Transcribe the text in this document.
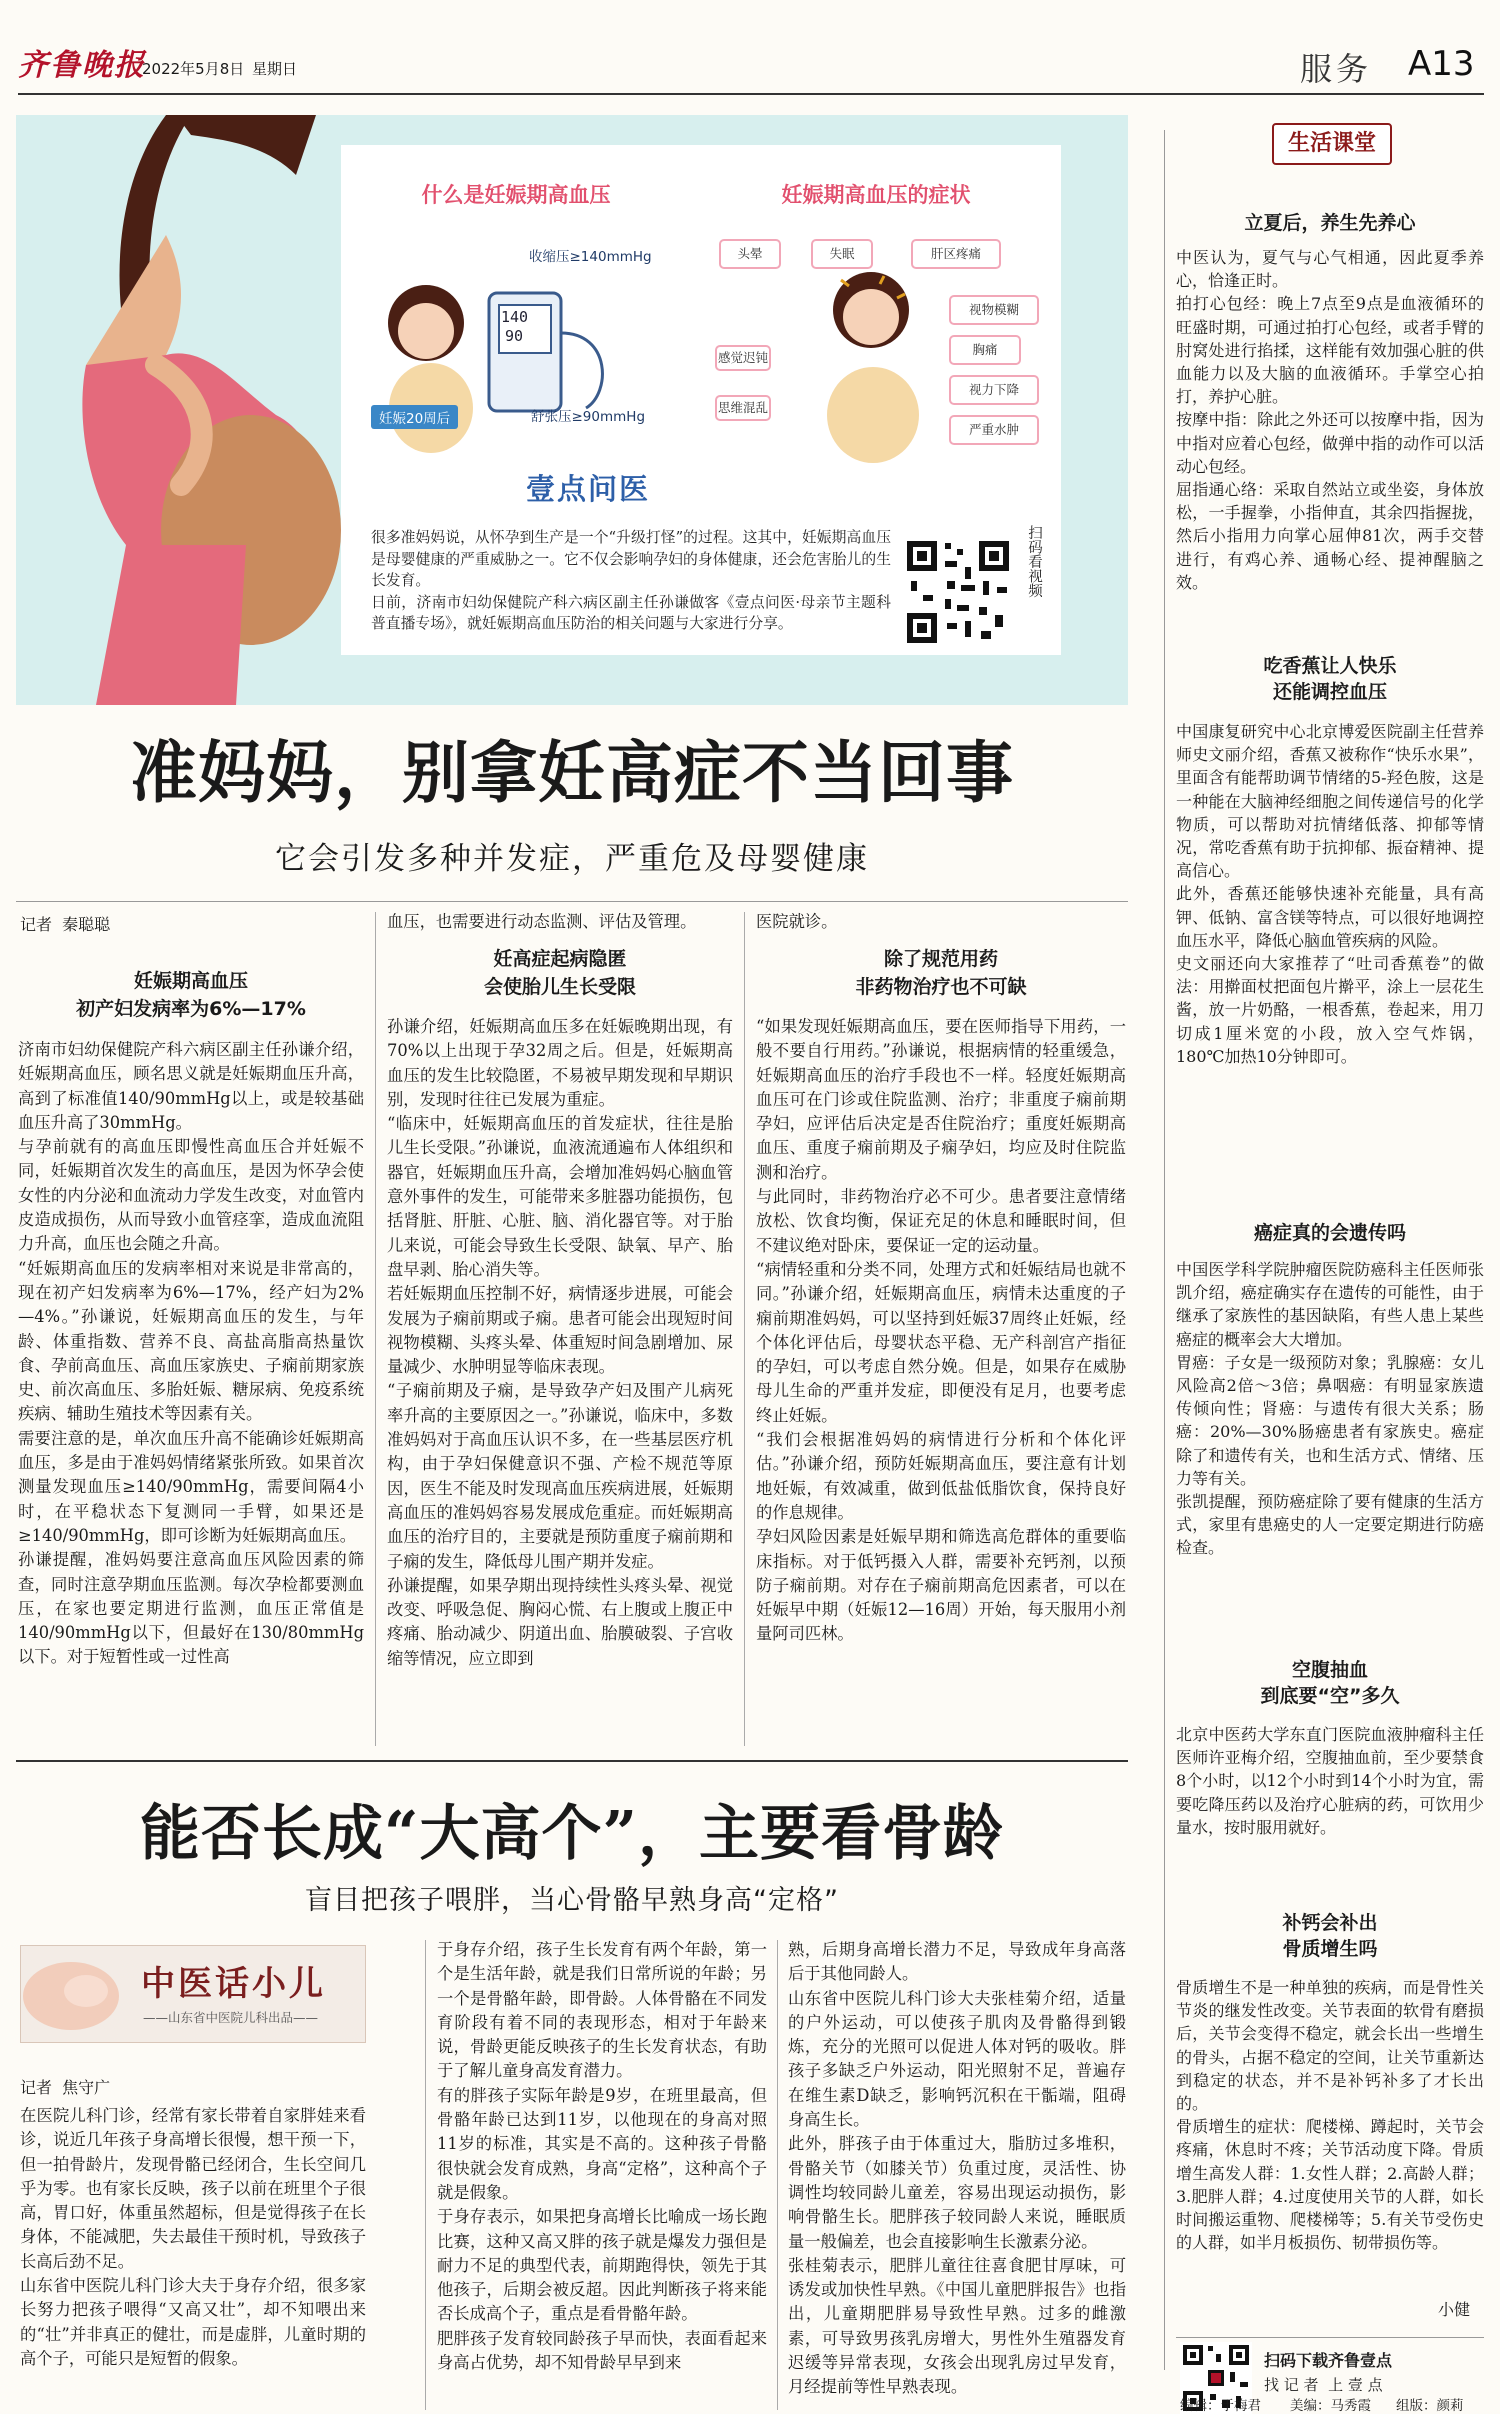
齐鲁晚报
2022年5月8日 星期日	服务 A13
什么是妊娠期高血压	妊娠期高血压的症状
140
90
收缩压≥140mmHg
舒张压≥90mmHg
妊娠20周后
头晕	失眠	肝区疼痛
视物模糊
胸痛
感觉迟钝
视力下降
思维混乱
严重水肿
壹点问医
很多准妈妈说，从怀孕到生产是一个“升级打怪”的过程。这其中，妊娠期高血压是母婴健康的严重威胁之一。它不仅会影响孕妇的身体健康，还会危害胎儿的生长发育。
日前，济南市妇幼保健院产科六病区副主任孙谦做客《壹点问医·母亲节主题科普直播专场》，就妊娠期高血压防治的相关问题与大家进行分享。
扫码看视频
准妈妈，别拿妊高症不当回事
它会引发多种并发症，严重危及母婴健康
记者  秦聪聪
妊娠期高血压
初产妇发病率为6%—17%
济南市妇幼保健院产科六病区副主任孙谦介绍，妊娠期高血压，顾名思义就是妊娠期血压升高，高到了标准值140/90mmHg以上，或是较基础血压升高了30mmHg。
与孕前就有的高血压即慢性高血压合并妊娠不同，妊娠期首次发生的高血压，是因为怀孕会使女性的内分泌和血流动力学发生改变，对血管内皮造成损伤，从而导致小血管痉挛，造成血流阻力升高，血压也会随之升高。
“妊娠期高血压的发病率相对来说是非常高的，现在初产妇发病率为6%—17%，经产妇为2%—4%。”孙谦说，妊娠期高血压的发生，与年龄、体重指数、营养不良、高盐高脂高热量饮食、孕前高血压、高血压家族史、子痫前期家族史、前次高血压、多胎妊娠、糖尿病、免疫系统疾病、辅助生殖技术等因素有关。
需要注意的是，单次血压升高不能确诊妊娠期高血压，多是由于准妈妈情绪紧张所致。如果首次测量发现血压≥140/90mmHg，需要间隔4小时，在平稳状态下复测同一手臂，如果还是≥140/90mmHg，即可诊断为妊娠期高血压。
孙谦提醒，准妈妈要注意高血压风险因素的筛查，同时注意孕期血压监测。每次孕检都要测血压，在家也要定期进行监测，血压正常值是140/90mmHg以下，但最好在130/80mmHg以下。对于短暂性或一过性高
血压，也需要进行动态监测、评估及管理。
妊高症起病隐匿
会使胎儿生长受限
孙谦介绍，妊娠期高血压多在妊娠晚期出现，有70%以上出现于孕32周之后。但是，妊娠期高血压的发生比较隐匿，不易被早期发现和早期识别，发现时往往已发展为重症。
“临床中，妊娠期高血压的首发症状，往往是胎儿生长受限。”孙谦说，血液流通遍布人体组织和器官，妊娠期血压升高，会增加准妈妈心脑血管意外事件的发生，可能带来多脏器功能损伤，包括肾脏、肝脏、心脏、脑、消化器官等。对于胎儿来说，可能会导致生长受限、缺氧、早产、胎盘早剥、胎心消失等。
若妊娠期血压控制不好，病情逐步进展，可能会发展为子痫前期或子痫。患者可能会出现短时间视物模糊、头疼头晕、体重短时间急剧增加、尿量减少、水肿明显等临床表现。
“子痫前期及子痫，是导致孕产妇及围产儿病死率升高的主要原因之一。”孙谦说，临床中，多数准妈妈对于高血压认识不多，在一些基层医疗机构，由于孕妇保健意识不强、产检不规范等原因，医生不能及时发现高血压疾病进展，妊娠期高血压的准妈妈容易发展成危重症。而妊娠期高血压的治疗目的，主要就是预防重度子痫前期和子痫的发生，降低母儿围产期并发症。
孙谦提醒，如果孕期出现持续性头疼头晕、视觉改变、呼吸急促、胸闷心慌、右上腹或上腹正中疼痛、胎动减少、阴道出血、胎膜破裂、子宫收缩等情况，应立即到
医院就诊。
除了规范用药
非药物治疗也不可缺
“如果发现妊娠期高血压，要在医师指导下用药，一般不要自行用药。”孙谦说，根据病情的轻重缓急，妊娠期高血压的治疗手段也不一样。轻度妊娠期高血压可在门诊或住院监测、治疗；非重度子痫前期孕妇，应评估后决定是否住院治疗；重度妊娠期高血压、重度子痫前期及子痫孕妇，均应及时住院监测和治疗。
与此同时，非药物治疗必不可少。患者要注意情绪放松、饮食均衡，保证充足的休息和睡眠时间，但不建议绝对卧床，要保证一定的运动量。
“病情轻重和分类不同，处理方式和妊娠结局也就不同。”孙谦介绍，妊娠期高血压，病情未达重度的子痫前期准妈妈，可以坚持到妊娠37周终止妊娠，经个体化评估后，母婴状态平稳、无产科剖宫产指征的孕妇，可以考虑自然分娩。但是，如果存在威胁母儿生命的严重并发症，即便没有足月，也要考虑终止妊娠。
“我们会根据准妈妈的病情进行分析和个体化评估。”孙谦介绍，预防妊娠期高血压，要注意有计划地妊娠，有效减重，做到低盐低脂饮食，保持良好的作息规律。
孕妇风险因素是妊娠早期和筛选高危群体的重要临床指标。对于低钙摄入人群，需要补充钙剂，以预防子痫前期。对存在子痫前期高危因素者，可以在妊娠早中期（妊娠12—16周）开始，每天服用小剂量阿司匹林。
能否长成“大高个”，主要看骨龄
盲目把孩子喂胖，当心骨骼早熟身高“定格”
中医话小儿
——山东省中医院儿科出品——
记者  焦守广
在医院儿科门诊，经常有家长带着自家胖娃来看诊，说近几年孩子身高增长很慢，想干预一下，但一拍骨龄片，发现骨骼已经闭合，生长空间几乎为零。也有家长反映，孩子以前在班里个子很高，胃口好，体重虽然超标，但是觉得孩子在长身体，不能减肥，失去最佳干预时机，导致孩子长高后劲不足。
山东省中医院儿科门诊大夫于身存介绍，很多家长努力把孩子喂得“又高又壮”，却不知喂出来的“壮”并非真正的健壮，而是虚胖，儿童时期的高个子，可能只是短暂的假象。
于身存介绍，孩子生长发育有两个年龄，第一个是生活年龄，就是我们日常所说的年龄；另一个是骨骼年龄，即骨龄。人体骨骼在不同发育阶段有着不同的表现形态，相对于年龄来说，骨龄更能反映孩子的生长发育状态，有助于了解儿童身高发育潜力。
有的胖孩子实际年龄是9岁，在班里最高，但骨骼年龄已达到11岁，以他现在的身高对照11岁的标准，其实是不高的。这种孩子骨骼很快就会发育成熟，身高“定格”，这种高个子就是假象。
于身存表示，如果把身高增长比喻成一场长跑比赛，这种又高又胖的孩子就是爆发力强但是耐力不足的典型代表，前期跑得快，领先于其他孩子，后期会被反超。因此判断孩子将来能否长成高个子，重点是看骨骼年龄。
肥胖孩子发育较同龄孩子早而快，表面看起来身高占优势，却不知骨龄早早到来
熟，后期身高增长潜力不足，导致成年身高落后于其他同龄人。
山东省中医院儿科门诊大夫张桂菊介绍，适量的户外运动，可以使孩子肌肉及骨骼得到锻炼，充分的光照可以促进人体对钙的吸收。胖孩子多缺乏户外运动，阳光照射不足，普遍存在维生素D缺乏，影响钙沉积在干骺端，阻碍身高生长。
此外，胖孩子由于体重过大，脂肪过多堆积，骨骼关节（如膝关节）负重过度，灵活性、协调性均较同龄儿童差，容易出现运动损伤，影响骨骼生长。肥胖孩子较同龄人来说，睡眠质量一般偏差，也会直接影响生长激素分泌。
张桂菊表示，肥胖儿童往往喜食肥甘厚味，可诱发或加快性早熟。《中国儿童肥胖报告》也指出，儿童期肥胖易导致性早熟。过多的雌激素，可导致男孩乳房增大，男性外生殖器发育迟缓等异常表现，女孩会出现乳房过早发育，月经提前等性早熟表现。
生活课堂
立夏后，养生先养心
中医认为，夏气与心气相通，因此夏季养心，恰逢正时。
拍打心包经：晚上7点至9点是血液循环的旺盛时期，可通过拍打心包经，或者手臂的肘窝处进行掐揉，这样能有效加强心脏的供血能力以及大脑的血液循环。手掌空心拍打，养护心脏。
按摩中指：除此之外还可以按摩中指，因为中指对应着心包经，做弹中指的动作可以活动心包经。
屈指通心络：采取自然站立或坐姿，身体放松，一手握拳，小指伸直，其余四指握拢，然后小指用力向掌心屈伸81次，两手交替进行，有鸡心养、通畅心经、提神醒脑之效。
吃香蕉让人快乐
还能调控血压
中国康复研究中心北京博爱医院副主任营养师史文丽介绍，香蕉又被称作“快乐水果”，里面含有能帮助调节情绪的5-羟色胺，这是一种能在大脑神经细胞之间传递信号的化学物质，可以帮助对抗情绪低落、抑郁等情况，常吃香蕉有助于抗抑郁、振奋精神、提高信心。
此外，香蕉还能够快速补充能量，具有高钾、低钠、富含镁等特点，可以很好地调控血压水平，降低心脑血管疾病的风险。
史文丽还向大家推荐了“吐司香蕉卷”的做法：用擀面杖把面包片擀平，涂上一层花生酱，放一片奶酪，一根香蕉，卷起来，用刀切成1厘米宽的小段，放入空气炸锅，180℃加热10分钟即可。
癌症真的会遗传吗
中国医学科学院肿瘤医院防癌科主任医师张凯介绍，癌症确实存在遗传的可能性，由于继承了家族性的基因缺陷，有些人患上某些癌症的概率会大大增加。
胃癌：子女是一级预防对象；乳腺癌：女儿风险高2倍～3倍；鼻咽癌：有明显家族遗传倾向性；肾癌：与遗传有很大关系；肠癌：20%—30%肠癌患者有家族史。癌症除了和遗传有关，也和生活方式、情绪、压力等有关。
张凯提醒，预防癌症除了要有健康的生活方式，家里有患癌史的人一定要定期进行防癌检查。
空腹抽血
到底要“空”多久
北京中医药大学东直门医院血液肿瘤科主任医师许亚梅介绍，空腹抽血前，至少要禁食8个小时，以12个小时到14个小时为宜，需要吃降压药以及治疗心脏病的药，可饮用少量水，按时服用就好。
补钙会补出
骨质增生吗
骨质增生不是一种单独的疾病，而是骨性关节炎的继发性改变。关节表面的软骨有磨损后，关节会变得不稳定，就会长出一些增生的骨头，占据不稳定的空间，让关节重新达到稳定的状态，并不是补钙补多了才长出的。
骨质增生的症状：爬楼梯、蹲起时，关节会疼痛，休息时不疼；关节活动度下降。骨质增生高发人群：1.女性人群；2.高龄人群；3.肥胖人群；4.过度使用关节的人群，如长时间搬运重物、爬楼梯等；5.有关节受伤史的人群，如半月板损伤、韧带损伤等。
小健
扫码下载齐鲁壹点
找 记 者  上 壹 点
编辑：于梅君 美编：马秀霞 组版：颜莉
